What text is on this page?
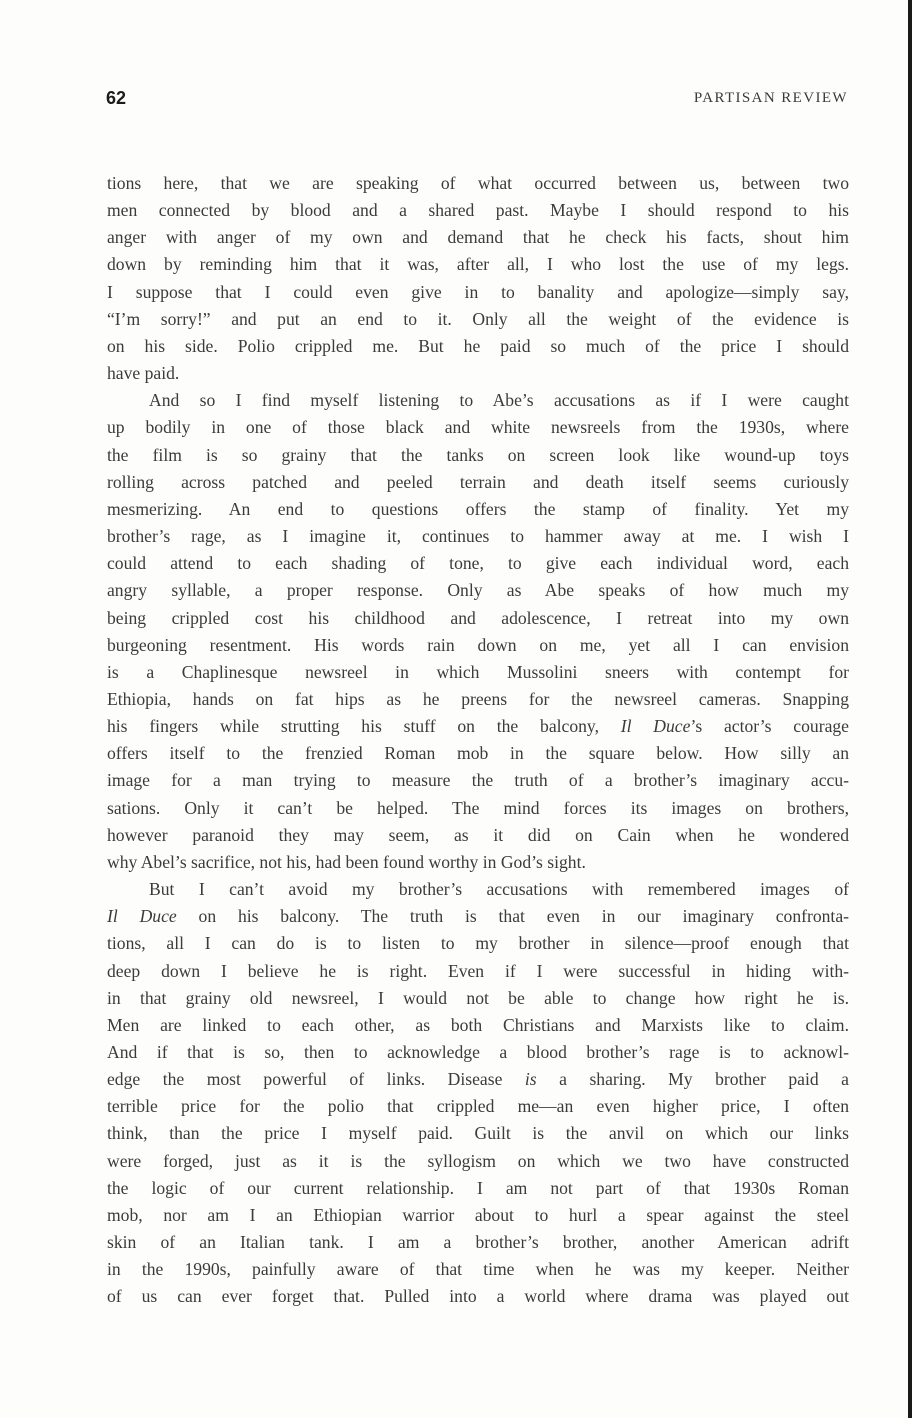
62	PARTISAN REVIEW
tions here, that we are speaking of what occurred between us, between two
men connected by blood and a shared past. Maybe I should respond to his
anger with anger of my own and demand that he check his facts, shout him
down by reminding him that it was, after all, I who lost the use of my legs.
I suppose that I could even give in to banality and apologize—simply say,
“I’m sorry!” and put an end to it. Only all the weight of the evidence is
on his side. Polio crippled me. But he paid so much of the price I should
have paid.
And so I find myself listening to Abe’s accusations as if I were caught
up bodily in one of those black and white newsreels from the 1930s, where
the film is so grainy that the tanks on screen look like wound-up toys
rolling across patched and peeled terrain and death itself seems curiously
mesmerizing. An end to questions offers the stamp of finality. Yet my
brother’s rage, as I imagine it, continues to hammer away at me. I wish I
could attend to each shading of tone, to give each individual word, each
angry syllable, a proper response. Only as Abe speaks of how much my
being crippled cost his childhood and adolescence, I retreat into my own
burgeoning resentment. His words rain down on me, yet all I can envision
is a Chaplinesque newsreel in which Mussolini sneers with contempt for
Ethiopia, hands on fat hips as he preens for the newsreel cameras. Snapping
his fingers while strutting his stuff on the balcony, Il Duce’s actor’s courage
offers itself to the frenzied Roman mob in the square below. How silly an
image for a man trying to measure the truth of a brother’s imaginary accu-
sations. Only it can’t be helped. The mind forces its images on brothers,
however paranoid they may seem, as it did on Cain when he wondered
why Abel’s sacrifice, not his, had been found worthy in God’s sight.
But I can’t avoid my brother’s accusations with remembered images of
Il Duce on his balcony. The truth is that even in our imaginary confronta-
tions, all I can do is to listen to my brother in silence—proof enough that
deep down I believe he is right. Even if I were successful in hiding with-
in that grainy old newsreel, I would not be able to change how right he is.
Men are linked to each other, as both Christians and Marxists like to claim.
And if that is so, then to acknowledge a blood brother’s rage is to acknowl-
edge the most powerful of links. Disease is a sharing. My brother paid a
terrible price for the polio that crippled me—an even higher price, I often
think, than the price I myself paid. Guilt is the anvil on which our links
were forged, just as it is the syllogism on which we two have constructed
the logic of our current relationship. I am not part of that 1930s Roman
mob, nor am I an Ethiopian warrior about to hurl a spear against the steel
skin of an Italian tank. I am a brother’s brother, another American adrift
in the 1990s, painfully aware of that time when he was my keeper. Neither
of us can ever forget that. Pulled into a world where drama was played out
